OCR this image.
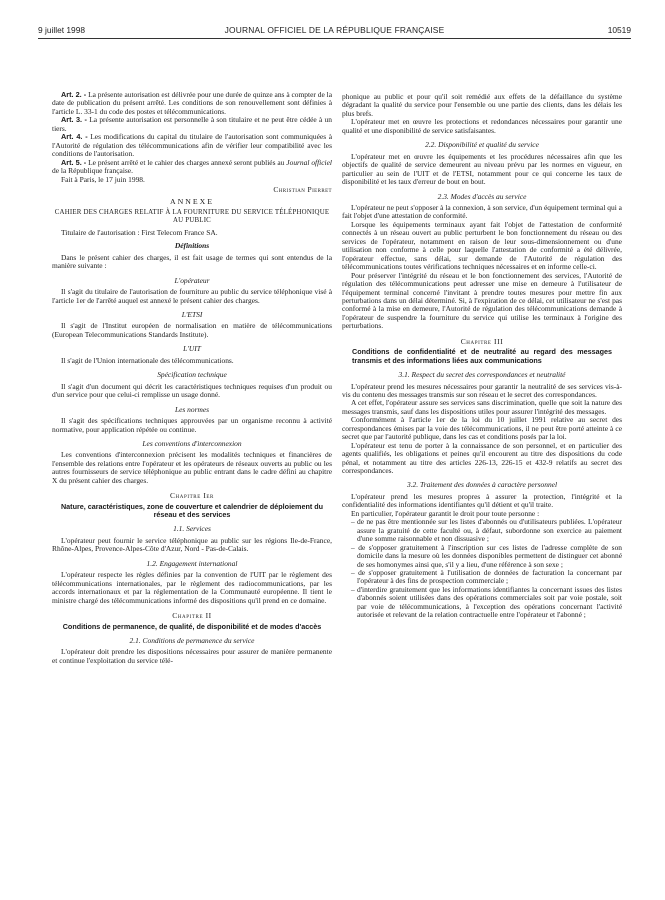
9 juillet 1998	JOURNAL OFFICIEL DE LA RÉPUBLIQUE FRANÇAISE	10519

Art. 2. - La présente autorisation est délivrée pour une durée de quinze ans à compter de la date de publication du présent arrêté. Les conditions de son renouvellement sont définies à l'article L. 33-1 du code des postes et télécommunications.

Art. 3. - La présente autorisation est personnelle à son titulaire et ne peut être cédée à un tiers.

Art. 4. - Les modifications du capital du titulaire de l'autorisation sont communiquées à l'Autorité de régulation des télécommunications afin de vérifier leur compatibilité avec les conditions de l'autorisation.

Art. 5. - Le présent arrêté et le cahier des charges annexé seront publiés au Journal officiel de la République française.

Fait à Paris, le 17 juin 1998.

Christian Pierret
ANNEXE
CAHIER DES CHARGES RELATIF À LA FOURNITURE DU SERVICE TÉLÉPHONIQUE AU PUBLIC

Titulaire de l'autorisation : First Telecom France SA.

Définitions

Dans le présent cahier des charges, il est fait usage de termes qui sont entendus de la manière suivante :

L'opérateur

Il s'agit du titulaire de l'autorisation de fourniture au public du service téléphonique visé à l'article 1er de l'arrêté auquel est annexé le présent cahier des charges.

L'ETSI

Il s'agit de l'Institut européen de normalisation en matière de télécommunications (European Telecommunications Standards Institute).

L'UIT

Il s'agit de l'Union internationale des télécommunications.

Spécification technique

Il s'agit d'un document qui décrit les caractéristiques techniques requises d'un produit ou d'un service pour que celui-ci remplisse un usage donné.

Les normes

Il s'agit des spécifications techniques approuvées par un organisme reconnu à activité normative, pour application répétée ou continue.

Les conventions d'interconnexion

Les conventions d'interconnexion précisent les modalités techniques et financières de l'ensemble des relations entre l'opérateur et les opérateurs de réseaux ouverts au public ou les autres fournisseurs de service téléphonique au public entrant dans le cadre défini au chapitre X du présent cahier des charges.

Chapitre Ier
Nature, caractéristiques, zone de couverture et calendrier de déploiement du réseau et des services
1.1. Services

L'opérateur peut fournir le service téléphonique au public sur les régions Ile-de-France, Rhône-Alpes, Provence-Alpes-Côte d'Azur, Nord - Pas-de-Calais.

1.2. Engagement international

L'opérateur respecte les règles définies par la convention de l'UIT par le règlement des télécommunications internationales, par le règlement des radiocommunications, par les accords internationaux et par la réglementation de la Communauté européenne. Il tient le ministre chargé des télécommunications informé des dispositions qu'il prend en ce domaine.

Chapitre II
Conditions de permanence, de qualité, de disponibilité et de modes d'accès
2.1. Conditions de permanence du service

L'opérateur doit prendre les dispositions nécessaires pour assurer de manière permanente et continue l'exploitation du service télé-

phonique au public et pour qu'il soit remédié aux effets de la défaillance du système dégradant la qualité du service pour l'ensemble ou une partie des clients, dans les délais les plus brefs.

L'opérateur met en œuvre les protections et redondances nécessaires pour garantir une qualité et une disponibilité de service satisfaisantes.

2.2. Disponibilité et qualité du service

L'opérateur met en œuvre les équipements et les procédures nécessaires afin que les objectifs de qualité de service demeurent au niveau prévu par les normes en vigueur, en particulier au sein de l'UIT et de l'ETSI, notamment pour ce qui concerne les taux de disponibilité et les taux d'erreur de bout en bout.

2.3. Modes d'accès au service

L'opérateur ne peut s'opposer à la connexion, à son service, d'un équipement terminal qui a fait l'objet d'une attestation de conformité.

Lorsque les équipements terminaux ayant fait l'objet de l'attestation de conformité connectés à un réseau ouvert au public perturbent le bon fonctionnement du réseau ou des services de l'opérateur, notamment en raison de leur sous-dimensionnement ou d'une utilisation non conforme à celle pour laquelle l'attestation de conformité a été délivrée, l'opérateur effectue, sans délai, sur demande de l'Autorité de régulation des télécommunications toutes vérifications techniques nécessaires et en informe celle-ci.

Pour préserver l'intégrité du réseau et le bon fonctionnement des services, l'Autorité de régulation des télécommunications peut adresser une mise en demeure à l'utilisateur de l'équipement terminal concerné l'invitant à prendre toutes mesures pour mettre fin aux perturbations dans un délai déterminé. Si, à l'expiration de ce délai, cet utilisateur ne s'est pas conformé à la mise en demeure, l'Autorité de régulation des télécommunications demande à l'opérateur de suspendre la fourniture du service qui utilise les terminaux à l'origine des perturbations.

Chapitre III
Conditions de confidentialité et de neutralité au regard des messages transmis et des informations liées aux communications
3.1. Respect du secret des correspondances et neutralité

L'opérateur prend les mesures nécessaires pour garantir la neutralité de ses services vis-à-vis du contenu des messages transmis sur son réseau et le secret des correspondances.

A cet effet, l'opérateur assure ses services sans discrimination, quelle que soit la nature des messages transmis, sauf dans les dispositions utiles pour assurer l'intégrité des messages.

Conformément à l'article 1er de la loi du 10 juillet 1991 relative au secret des correspondances émises par la voie des télécommunications, il ne peut être porté atteinte à ce secret que par l'autorité publique, dans les cas et conditions posés par la loi.

L'opérateur est tenu de porter à la connaissance de son personnel, et en particulier des agents qualifiés, les obligations et peines qu'il encourent au titre des dispositions du code pénal, et notamment au titre des articles 226-13, 226-15 et 432-9 relatifs au secret des correspondances.

3.2. Traitement des données à caractère personnel

L'opérateur prend les mesures propres à assurer la protection, l'intégrité et la confidentialité des informations identifiantes qu'il détient et qu'il traite.

En particulier, l'opérateur garantit le droit pour toute personne :

– de ne pas être mentionnée sur les listes d'abonnés ou d'utilisateurs publiées. L'opérateur assure la gratuité de cette faculté ou, à défaut, subordonne son exercice au paiement d'une somme raisonnable et non dissuasive ;
– de s'opposer gratuitement à l'inscription sur ces listes de l'adresse complète de son domicile dans la mesure où les données disponibles permettent de distinguer cet abonné de ses homonymes ainsi que, s'il y a lieu, d'une référence à son sexe ;
– de s'opposer gratuitement à l'utilisation de données de facturation la concernant par l'opérateur à des fins de prospection commerciale ;
– d'interdire gratuitement que les informations identifiantes la concernant issues des listes d'abonnés soient utilisées dans des opérations commerciales soit par voie postale, soit par voie de télécommunications, à l'exception des opérations concernant l'activité autorisée et relevant de la relation contractuelle entre l'opérateur et l'abonné ;
